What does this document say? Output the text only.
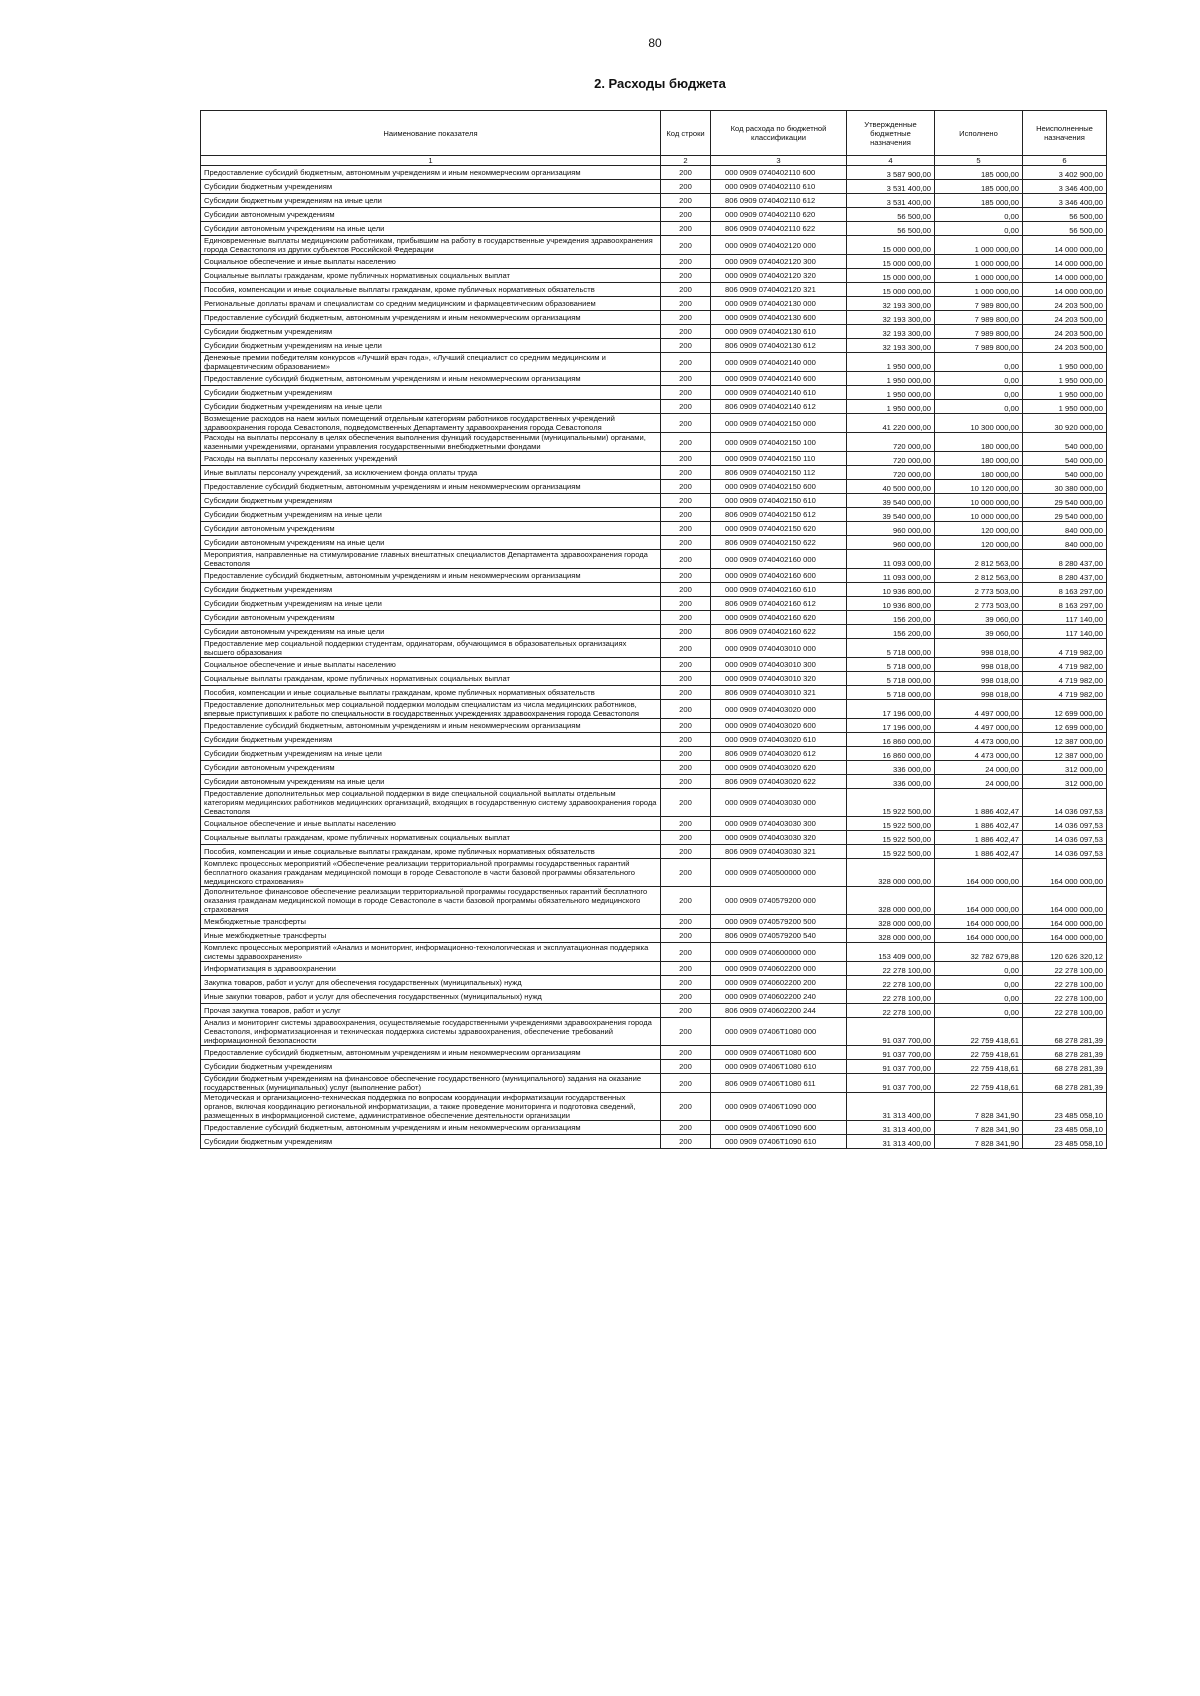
80
2. Расходы бюджета
Наименование показателя	Код строки	Код расхода по бюджетной классификации	Утвержденные бюджетные назначения	Исполнено	Неисполненные назначения
1	2	3	4	5	6
Предоставление субсидий бюджетным, автономным учреждениям и иным некоммерческим организациям	200	000 0909 0740402110 600	3 587 900,00	185 000,00	3 402 900,00
Субсидии бюджетным учреждениям	200	000 0909 0740402110 610	3 531 400,00	185 000,00	3 346 400,00
Субсидии бюджетным учреждениям на иные цели	200	806 0909 0740402110 612	3 531 400,00	185 000,00	3 346 400,00
Субсидии автономным учреждениям	200	000 0909 0740402110 620	56 500,00	0,00	56 500,00
Субсидии автономным учреждениям на иные цели	200	806 0909 0740402110 622	56 500,00	0,00	56 500,00
Единовременные выплаты медицинским работникам, прибывшим на работу в государственные учреждения здравоохранения города Севастополя из других субъектов Российской Федерации	200	000 0909 0740402120 000	15 000 000,00	1 000 000,00	14 000 000,00
Социальное обеспечение и иные выплаты населению	200	000 0909 0740402120 300	15 000 000,00	1 000 000,00	14 000 000,00
Социальные выплаты гражданам, кроме публичных нормативных социальных выплат	200	000 0909 0740402120 320	15 000 000,00	1 000 000,00	14 000 000,00
Пособия, компенсации и иные социальные выплаты гражданам, кроме публичных нормативных обязательств	200	806 0909 0740402120 321	15 000 000,00	1 000 000,00	14 000 000,00
Региональные доплаты врачам и специалистам со средним медицинским и фармацевтическим образованием	200	000 0909 0740402130 000	32 193 300,00	7 989 800,00	24 203 500,00
Предоставление субсидий бюджетным, автономным учреждениям и иным некоммерческим организациям	200	000 0909 0740402130 600	32 193 300,00	7 989 800,00	24 203 500,00
Субсидии бюджетным учреждениям	200	000 0909 0740402130 610	32 193 300,00	7 989 800,00	24 203 500,00
Субсидии бюджетным учреждениям на иные цели	200	806 0909 0740402130 612	32 193 300,00	7 989 800,00	24 203 500,00
Денежные премии победителям конкурсов «Лучший врач года», «Лучший специалист со средним медицинским и фармацевтическим образованием»	200	000 0909 0740402140 000	1 950 000,00	0,00	1 950 000,00
Предоставление субсидий бюджетным, автономным учреждениям и иным некоммерческим организациям	200	000 0909 0740402140 600	1 950 000,00	0,00	1 950 000,00
Субсидии бюджетным учреждениям	200	000 0909 0740402140 610	1 950 000,00	0,00	1 950 000,00
Субсидии бюджетным учреждениям на иные цели	200	806 0909 0740402140 612	1 950 000,00	0,00	1 950 000,00
Возмещение расходов на наем жилых помещений отдельным категориям работников государственных учреждений здравоохранения города Севастополя, подведомственных Департаменту здравоохранения города Севастополя	200	000 0909 0740402150 000	41 220 000,00	10 300 000,00	30 920 000,00
Расходы на выплаты персоналу в целях обеспечения выполнения функций государственными (муниципальными) органами, казенными учреждениями, органами управления государственными внебюджетными фондами	200	000 0909 0740402150 100	720 000,00	180 000,00	540 000,00
Расходы на выплаты персоналу казенных учреждений	200	000 0909 0740402150 110	720 000,00	180 000,00	540 000,00
Иные выплаты персоналу учреждений, за исключением фонда оплаты труда	200	806 0909 0740402150 112	720 000,00	180 000,00	540 000,00
Предоставление субсидий бюджетным, автономным учреждениям и иным некоммерческим организациям	200	000 0909 0740402150 600	40 500 000,00	10 120 000,00	30 380 000,00
Субсидии бюджетным учреждениям	200	000 0909 0740402150 610	39 540 000,00	10 000 000,00	29 540 000,00
Субсидии бюджетным учреждениям на иные цели	200	806 0909 0740402150 612	39 540 000,00	10 000 000,00	29 540 000,00
Субсидии автономным учреждениям	200	000 0909 0740402150 620	960 000,00	120 000,00	840 000,00
Субсидии автономным учреждениям на иные цели	200	806 0909 0740402150 622	960 000,00	120 000,00	840 000,00
Мероприятия, направленные на стимулирование главных внештатных специалистов Департамента здравоохранения города Севастополя	200	000 0909 0740402160 000	11 093 000,00	2 812 563,00	8 280 437,00
Предоставление субсидий бюджетным, автономным учреждениям и иным некоммерческим организациям	200	000 0909 0740402160 600	11 093 000,00	2 812 563,00	8 280 437,00
Субсидии бюджетным учреждениям	200	000 0909 0740402160 610	10 936 800,00	2 773 503,00	8 163 297,00
Субсидии бюджетным учреждениям на иные цели	200	806 0909 0740402160 612	10 936 800,00	2 773 503,00	8 163 297,00
Субсидии автономным учреждениям	200	000 0909 0740402160 620	156 200,00	39 060,00	117 140,00
Субсидии автономным учреждениям на иные цели	200	806 0909 0740402160 622	156 200,00	39 060,00	117 140,00
Предоставление мер социальной поддержки студентам, ординаторам, обучающимся в образовательных организациях высшего образования	200	000 0909 0740403010 000	5 718 000,00	998 018,00	4 719 982,00
Социальное обеспечение и иные выплаты населению	200	000 0909 0740403010 300	5 718 000,00	998 018,00	4 719 982,00
Социальные выплаты гражданам, кроме публичных нормативных социальных выплат	200	000 0909 0740403010 320	5 718 000,00	998 018,00	4 719 982,00
Пособия, компенсации и иные социальные выплаты гражданам, кроме публичных нормативных обязательств	200	806 0909 0740403010 321	5 718 000,00	998 018,00	4 719 982,00
Предоставление дополнительных мер социальной поддержки молодым специалистам из числа медицинских работников, впервые приступивших к работе по специальности в государственных учреждениях здравоохранения города Севастополя	200	000 0909 0740403020 000	17 196 000,00	4 497 000,00	12 699 000,00
Предоставление субсидий бюджетным, автономным учреждениям и иным некоммерческим организациям	200	000 0909 0740403020 600	17 196 000,00	4 497 000,00	12 699 000,00
Субсидии бюджетным учреждениям	200	000 0909 0740403020 610	16 860 000,00	4 473 000,00	12 387 000,00
Субсидии бюджетным учреждениям на иные цели	200	806 0909 0740403020 612	16 860 000,00	4 473 000,00	12 387 000,00
Субсидии автономным учреждениям	200	000 0909 0740403020 620	336 000,00	24 000,00	312 000,00
Субсидии автономным учреждениям на иные цели	200	806 0909 0740403020 622	336 000,00	24 000,00	312 000,00
Предоставление дополнительных мер социальной поддержки в виде специальной социальной выплаты отдельным категориям медицинских работников медицинских организаций, входящих в государственную систему здравоохранения города Севастополя	200	000 0909 0740403030 000	15 922 500,00	1 886 402,47	14 036 097,53
Социальное обеспечение и иные выплаты населению	200	000 0909 0740403030 300	15 922 500,00	1 886 402,47	14 036 097,53
Социальные выплаты гражданам, кроме публичных нормативных социальных выплат	200	000 0909 0740403030 320	15 922 500,00	1 886 402,47	14 036 097,53
Пособия, компенсации и иные социальные выплаты гражданам, кроме публичных нормативных обязательств	200	806 0909 0740403030 321	15 922 500,00	1 886 402,47	14 036 097,53
Комплекс процессных мероприятий «Обеспечение реализации территориальной программы государственных гарантий бесплатного оказания гражданам медицинской помощи в городе Севастополе в части базовой программы обязательного медицинского страхования»	200	000 0909 0740500000 000	328 000 000,00	164 000 000,00	164 000 000,00
Дополнительное финансовое обеспечение реализации территориальной программы государственных гарантий бесплатного оказания гражданам медицинской помощи в городе Севастополе в части базовой программы обязательного медицинского страхования	200	000 0909 0740579200 000	328 000 000,00	164 000 000,00	164 000 000,00
Межбюджетные трансферты	200	000 0909 0740579200 500	328 000 000,00	164 000 000,00	164 000 000,00
Иные межбюджетные трансферты	200	806 0909 0740579200 540	328 000 000,00	164 000 000,00	164 000 000,00
Комплекс процессных мероприятий «Анализ и мониторинг, информационно-технологическая и эксплуатационная поддержка системы здравоохранения»	200	000 0909 0740600000 000	153 409 000,00	32 782 679,88	120 626 320,12
Информатизация в здравоохранении	200	000 0909 0740602200 000	22 278 100,00	0,00	22 278 100,00
Закупка товаров, работ и услуг для обеспечения государственных (муниципальных) нужд	200	000 0909 0740602200 200	22 278 100,00	0,00	22 278 100,00
Иные закупки товаров, работ и услуг для обеспечения государственных (муниципальных) нужд	200	000 0909 0740602200 240	22 278 100,00	0,00	22 278 100,00
Прочая закупка товаров, работ и услуг	200	806 0909 0740602200 244	22 278 100,00	0,00	22 278 100,00
Анализ и мониторинг системы здравоохранения, осуществляемые государственными учреждениями здравоохранения города Севастополя, информатизационная и техническая поддержка системы здравоохранения, обеспечение требований информационной безопасности	200	000 0909 07406Т1080 000	91 037 700,00	22 759 418,61	68 278 281,39
Предоставление субсидий бюджетным, автономным учреждениям и иным некоммерческим организациям	200	000 0909 07406Т1080 600	91 037 700,00	22 759 418,61	68 278 281,39
Субсидии бюджетным учреждениям	200	000 0909 07406Т1080 610	91 037 700,00	22 759 418,61	68 278 281,39
Субсидии бюджетным учреждениям на финансовое обеспечение государственного (муниципального) задания на оказание государственных (муниципальных) услуг (выполнение работ)	200	806 0909 07406Т1080 611	91 037 700,00	22 759 418,61	68 278 281,39
Методическая и организационно-техническая поддержка по вопросам координации информатизации государственных органов, включая координацию региональной информатизации, а также проведение мониторинга и подготовка сведений, размещенных в информационной системе, административное обеспечение деятельности организации	200	000 0909 07406Т1090 000	31 313 400,00	7 828 341,90	23 485 058,10
Предоставление субсидий бюджетным, автономным учреждениям и иным некоммерческим организациям	200	000 0909 07406Т1090 600	31 313 400,00	7 828 341,90	23 485 058,10
Субсидии бюджетным учреждениям	200	000 0909 07406Т1090 610	31 313 400,00	7 828 341,90	23 485 058,10
